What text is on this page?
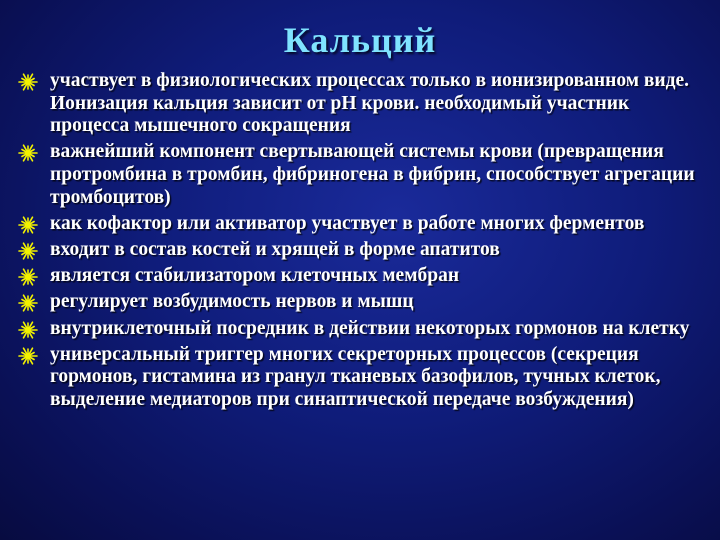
Кальций
участвует в физиологических процессах только в ионизированном виде. Ионизация кальция зависит от рН крови. необходимый участник процесса мышечного сокращения
важнейший компонент свертывающей системы крови (превращения протромбина в тромбин, фибриногена в фибрин, способствует агрегации тромбоцитов)
как кофактор или активатор участвует в работе многих ферментов
входит в состав костей и хрящей в форме апатитов
является стабилизатором клеточных мембран
регулирует возбудимость нервов и мышц
внутриклеточный посредник в действии некоторых гормонов на клетку
универсальный триггер многих секреторных процессов (секреция гормонов, гистамина из гранул тканевых базофилов, тучных клеток, выделение медиаторов при синаптической передаче возбуждения)
